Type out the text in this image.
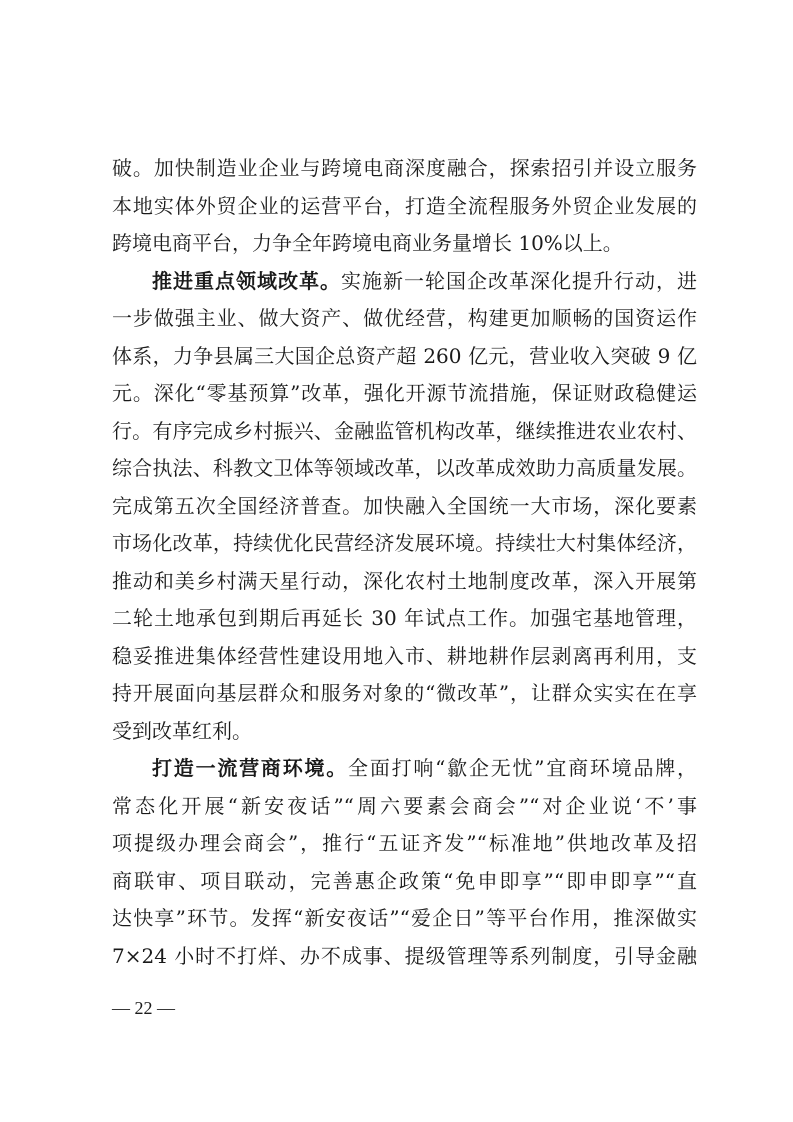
破。加快制造业企业与跨境电商深度融合，探索招引并设立服务
本地实体外贸企业的运营平台，打造全流程服务外贸企业发展的
跨境电商平台，力争全年跨境电商业务量增长 10%以上。
推进重点领域改革。实施新一轮国企改革深化提升行动，进
一步做强主业、做大资产、做优经营，构建更加顺畅的国资运作
体系，力争县属三大国企总资产超 260 亿元，营业收入突破 9 亿
元。深化“零基预算”改革，强化开源节流措施，保证财政稳健运
行。有序完成乡村振兴、金融监管机构改革，继续推进农业农村、
综合执法、科教文卫体等领域改革，以改革成效助力高质量发展。
完成第五次全国经济普查。加快融入全国统一大市场，深化要素
市场化改革，持续优化民营经济发展环境。持续壮大村集体经济，
推动和美乡村满天星行动，深化农村土地制度改革，深入开展第
二轮土地承包到期后再延长 30 年试点工作。加强宅基地管理，
稳妥推进集体经营性建设用地入市、耕地耕作层剥离再利用，支
持开展面向基层群众和服务对象的“微改革”，让群众实实在在享
受到改革红利。
打造一流营商环境。全面打响“歙企无忧”宜商环境品牌，
常态化开展“新安夜话”“周六要素会商会”“对企业说‘不’事
项提级办理会商会”，推行“五证齐发”“标准地”供地改革及招
商联审、项目联动，完善惠企政策“免申即享”“即申即享”“直
达快享”环节。发挥“新安夜话”“爱企日”等平台作用，推深做实
7×24 小时不打烊、办不成事、提级管理等系列制度，引导金融
— 22 —
